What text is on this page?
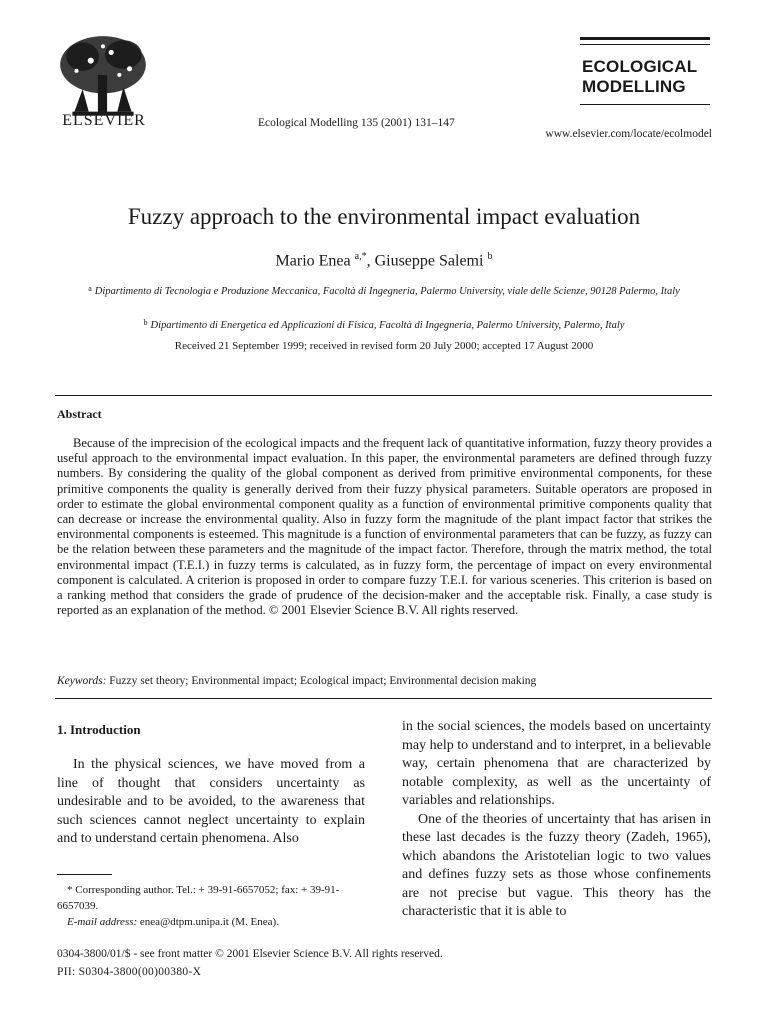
ELSEVIER	Ecological Modelling 135 (2001) 131–147
ECOLOGICAL
MODELLING
www.elsevier.com/locate/ecolmodel
Fuzzy approach to the environmental impact evaluation
Mario Enea $^{a,*}$, Giuseppe Salemi $^b$
$^a$ Dipartimento di Tecnologia e Produzione Meccanica, Facoltà di Ingegneria, Palermo University, viale delle Scienze, 90128 Palermo, Italy
$^b$ Dipartimento di Energetica ed Applicazioni di Fisica, Facoltà di Ingegneria, Palermo University, Palermo, Italy
Received 21 September 1999; received in revised form 20 July 2000; accepted 17 August 2000
Abstract
Because of the imprecision of the ecological impacts and the frequent lack of quantitative information, fuzzy theory provides a useful approach to the environmental impact evaluation. In this paper, the environmental parameters are defined through fuzzy numbers. By considering the quality of the global component as derived from primitive environmental components, for these primitive components the quality is generally derived from their fuzzy physical parameters. Suitable operators are proposed in order to estimate the global environmental component quality as a function of environmental primitive components quality that can decrease or increase the environmental quality. Also in fuzzy form the magnitude of the plant impact factor that strikes the environmental components is esteemed. This magnitude is a function of environmental parameters that can be fuzzy, as fuzzy can be the relation between these parameters and the magnitude of the impact factor. Therefore, through the matrix method, the total environmental impact (T.E.I.) in fuzzy terms is calculated, as in fuzzy form, the percentage of impact on every environmental component is calculated. A criterion is proposed in order to compare fuzzy T.E.I. for various sceneries. This criterion is based on a ranking method that considers the grade of prudence of the decision-maker and the acceptable risk. Finally, a case study is reported as an explanation of the method. © 2001 Elsevier Science B.V. All rights reserved.
Keywords: Fuzzy set theory; Environmental impact; Ecological impact; Environmental decision making
1. Introduction

In the physical sciences, we have moved from a line of thought that considers uncertainty as undesirable and to be avoided, to the awareness that such sciences cannot neglect uncertainty to explain and to understand certain phenomena. Also

in the social sciences, the models based on uncertainty may help to understand and to interpret, in a believable way, certain phenomena that are characterized by notable complexity, as well as the uncertainty of variables and relationships.

One of the theories of uncertainty that has arisen in these last decades is the fuzzy theory (Zadeh, 1965), which abandons the Aristotelian logic to two values and defines fuzzy sets as those whose confinements are not precise but vague. This theory has the characteristic that it is able to

* Corresponding author. Tel.: + 39-91-6657052; fax: + 39-91-6657039.
E-mail address: enea@dtpm.unipa.it (M. Enea).
0304-3800/01/$ - see front matter © 2001 Elsevier Science B.V. All rights reserved.
PII: S0304-3800(00)00380-X
